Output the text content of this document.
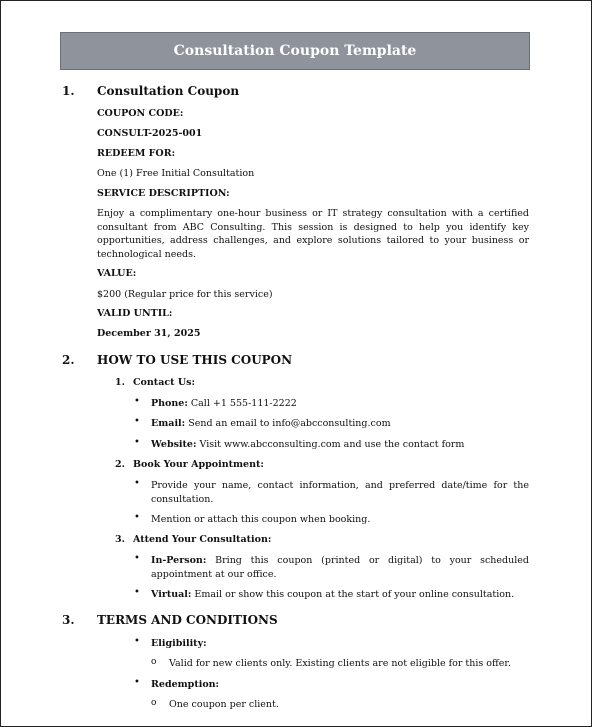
Consultation Coupon Template
1.	Consultation Coupon
COUPON CODE:
CONSULT-2025-001
REDEEM FOR:
One (1) Free Initial Consultation
SERVICE DESCRIPTION:
Enjoy a complimentary one-hour business or IT strategy consultation with a certified consultant from ABC Consulting. This session is designed to help you identify key opportunities, address challenges, and explore solutions tailored to your business or technological needs.
VALUE:
$200 (Regular price for this service)
VALID UNTIL:
December 31, 2025
2.	HOW TO USE THIS COUPON
1. Contact Us:
• Phone: Call +1 555-111-2222
• Email: Send an email to info@abcconsulting.com
• Website: Visit www.abcconsulting.com and use the contact form
2. Book Your Appointment:
• Provide your name, contact information, and preferred date/time for the consultation.
• Mention or attach this coupon when booking.
3. Attend Your Consultation:
• In-Person: Bring this coupon (printed or digital) to your scheduled appointment at our office.
• Virtual: Email or show this coupon at the start of your online consultation.
3.	TERMS AND CONDITIONS
• Eligibility:
o Valid for new clients only. Existing clients are not eligible for this offer.
• Redemption:
o One coupon per client.
